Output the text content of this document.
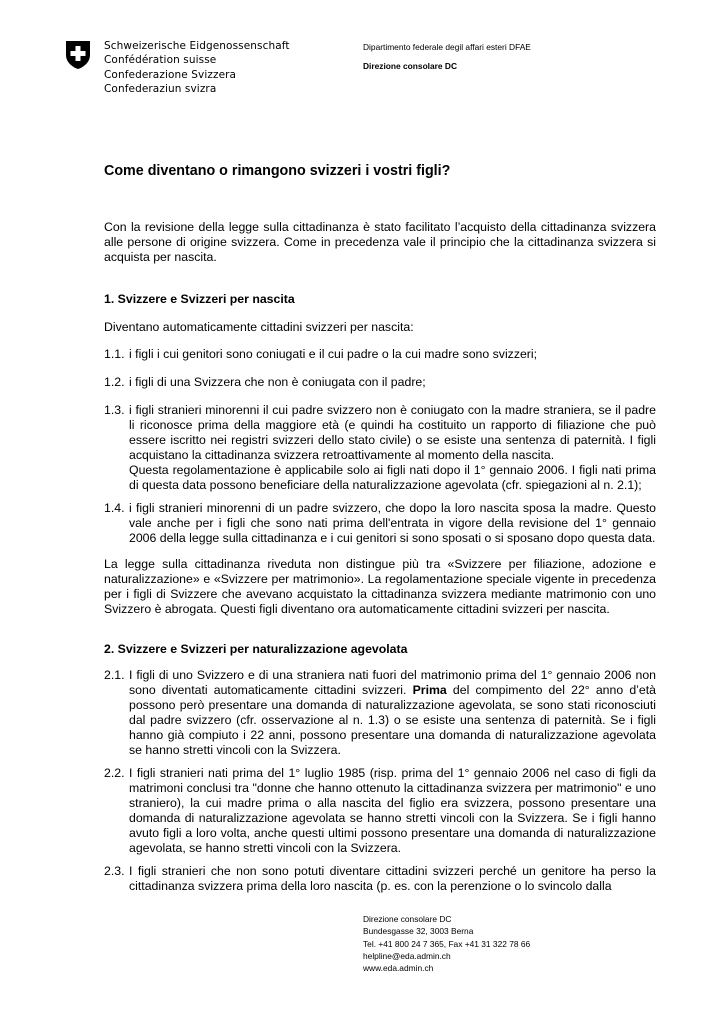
Schweizerische Eidgenossenschaft
Confédération suisse
Confederazione Svizzera
Confederaziun svizra
Dipartimento federale degil affari esteri DFAE
Direzione consolare DC
Come diventano o rimangono svizzeri i vostri figli?

Con la revisione della legge sulla cittadinanza è stato facilitato l’acquisto della cittadinanza svizzera alle persone di origine svizzera. Come in precedenza vale il principio che la cittadinanza svizzera si acquista per nascita.

1. Svizzere e Svizzeri per nascita
Diventano automaticamente cittadini svizzeri per nascita:
1.1. i figli i cui genitori sono coniugati e il cui padre o la cui madre sono svizzeri;
1.2. i figli di una Svizzera che non è coniugata con il padre;
1.3. i figli stranieri minorenni il cui padre svizzero non è coniugato con la madre straniera, se il padre li riconosce prima della maggiore età (e quindi ha costituito un rapporto di filiazione che può essere iscritto nei registri svizzeri dello stato civile) o se esiste una sentenza di paternità. I figli acquistano la cittadinanza svizzera retroattivamente al momento della nascita.
Questa regolamentazione è applicabile solo ai figli nati dopo il 1° gennaio 2006. I figli nati prima di questa data possono beneficiare della naturalizzazione agevolata (cfr. spiegazioni al n. 2.1);
1.4. i figli stranieri minorenni di un padre svizzero, che dopo la loro nascita sposa la madre. Questo vale anche per i figli che sono nati prima dell'entrata in vigore della revisione del 1° gennaio 2006 della legge sulla cittadinanza e i cui genitori si sono sposati o si sposano dopo questa data.
La legge sulla cittadinanza riveduta non distingue più tra «Svizzere per filiazione, adozione e naturalizzazione» e «Svizzere per matrimonio». La regolamentazione speciale vigente in precedenza per i figli di Svizzere che avevano acquistato la cittadinanza svizzera mediante matrimonio con uno Svizzero è abrogata. Questi figli diventano ora automaticamente cittadini svizzeri per nascita.
2. Svizzere e Svizzeri per naturalizzazione agevolata
2.1. I figli di uno Svizzero e di una straniera nati fuori del matrimonio prima del 1° gennaio 2006 non sono diventati automaticamente cittadini svizzeri. Prima del compimento del 22° anno d’età possono però presentare una domanda di naturalizzazione agevolata, se sono stati riconosciuti dal padre svizzero (cfr. osservazione al n. 1.3) o se esiste una sentenza di paternità. Se i figli hanno già compiuto i 22 anni, possono presentare una domanda di naturalizzazione agevolata se hanno stretti vincoli con la Svizzera.
2.2. I figli stranieri nati prima del 1° luglio 1985 (risp. prima del 1° gennaio 2006 nel caso di figli da matrimoni conclusi tra "donne che hanno ottenuto la cittadinanza svizzera per matrimonio" e uno straniero), la cui madre prima o alla nascita del figlio era svizzera, possono presentare una domanda di naturalizzazione agevolata se hanno stretti vincoli con la Svizzera. Se i figli hanno avuto figli a loro volta, anche questi ultimi possono presentare una domanda di naturalizzazione agevolata, se hanno stretti vincoli con la Svizzera.
2.3. I figli stranieri che non sono potuti diventare cittadini svizzeri perché un genitore ha perso la cittadinanza svizzera prima della loro nascita (p. es. con la perenzione o lo svincolo dalla
Direzione consolare DC
Bundesgasse 32, 3003 Berna
Tel. +41 800 24 7 365, Fax +41 31 322 78 66
helpline@eda.admin.ch
www.eda.admin.ch
